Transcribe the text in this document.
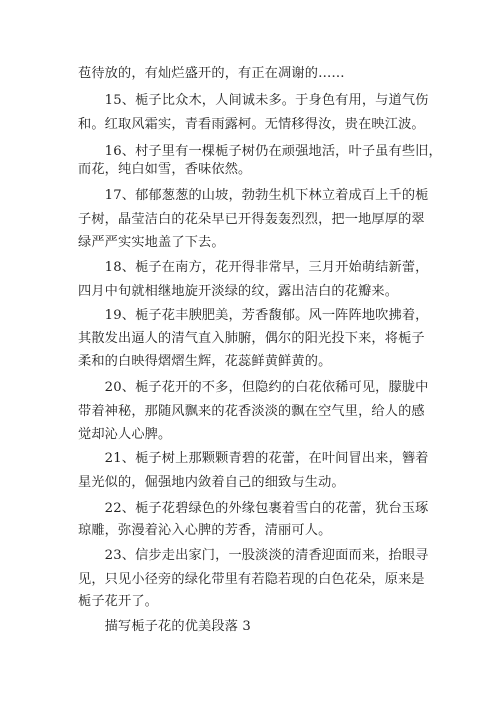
苞待放的，有灿烂盛开的，有正在凋谢的……
　　15、栀子比众木，人间诚未多。于身色有用，与道气伤
和。红取风霜实，青看雨露柯。无情移得汝，贵在映江波。
　　16、村子里有一棵栀子树仍在顽强地活，叶子虽有些旧，
而花，纯白如雪，香味依然。
　　17、郁郁葱葱的山坡，勃勃生机下林立着成百上千的栀
子树，晶莹洁白的花朵早已开得轰轰烈烈，把一地厚厚的翠
绿严严实实地盖了下去。
　　18、栀子在南方，花开得非常早，三月开始萌结新蕾，
四月中旬就相继地旋开淡绿的纹，露出洁白的花瓣来。
　　19、栀子花丰腴肥美，芳香馥郁。风一阵阵地吹拂着，
其散发出逼人的清气直入肺腑，偶尔的阳光投下来，将栀子
柔和的白映得熠熠生辉，花蕊鲜黄鲜黄的。
　　20、栀子花开的不多，但隐约的白花依稀可见，朦胧中
带着神秘，那随风飘来的花香淡淡的飘在空气里，给人的感
觉却沁人心脾。
　　21、栀子树上那颗颗青碧的花蕾，在叶间冒出来，簪着
星光似的，倔强地内敛着自己的细致与生动。
　　22、栀子花碧绿色的外缘包裹着雪白的花蕾，犹台玉琢
琼雕，弥漫着沁入心脾的芳香，清丽可人。
　　23、信步走出家门，一股淡淡的清香迎面而来，抬眼寻
见，只见小径旁的绿化带里有若隐若现的白色花朵，原来是
栀子花开了。
　　描写栀子花的优美段落 3
